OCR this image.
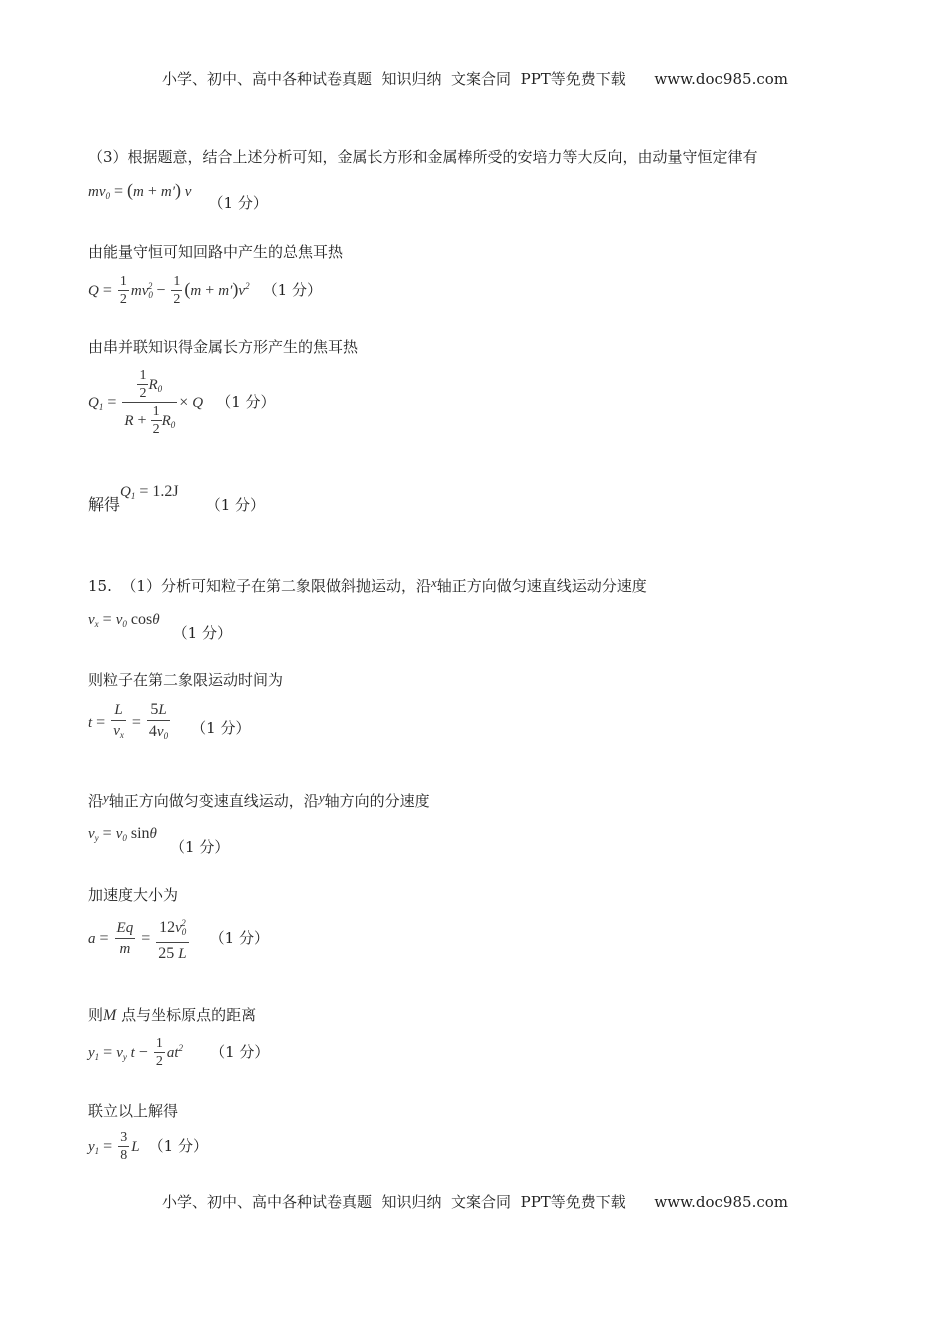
小学、初中、高中各种试卷真题  知识归纳  文案合同  PPT等免费下载      www.doc985.com
（3）根据题意，结合上述分析可知，金属长方形和金属棒所受的安培力等大反向，由动量守恒定律有
$mv_0 = (m + m')$ v （1 分）
由能量守恒可知回路中产生的总焦耳热
$Q = \frac{1}{2} mv_0^2 - \frac{1}{2} (m + m')v^2$ （1 分）
由串并联知识得金属长方形产生的焦耳热
$Q_1 = \frac{\frac{1}{2} R_0}{R + \frac{1}{2} R_0} \times Q$ （1 分）
解得$Q_1 = 1.2J$ （1 分）
15. （1）分析可知粒子在第二象限做斜抛运动，沿x轴正方向做匀速直线运动分速度
$v_x = v_0$ cosθ （1 分）
则粒子在第二象限运动时间为
$t = \frac{L}{v_x} = \frac{5L}{4v_0} (1$ 分）
沿y轴正方向做匀变速直线运动，沿y轴方向的分速度
$v_y = v_0$ sinθ （1 分）
加速度大小为
$a = \frac{Eq}{m} = \frac{12v_0^2}{25 L} (1$ 分）
则M 点与坐标原点的距离
$y_1 = v_y$ $t - \frac{1}{2} at^2$ （1 分）
联立以上解得
$y_1 = \frac{3}{8}$ L （1 分）
小学、初中、高中各种试卷真题  知识归纳  文案合同  PPT等免费下载      www.doc985.com
